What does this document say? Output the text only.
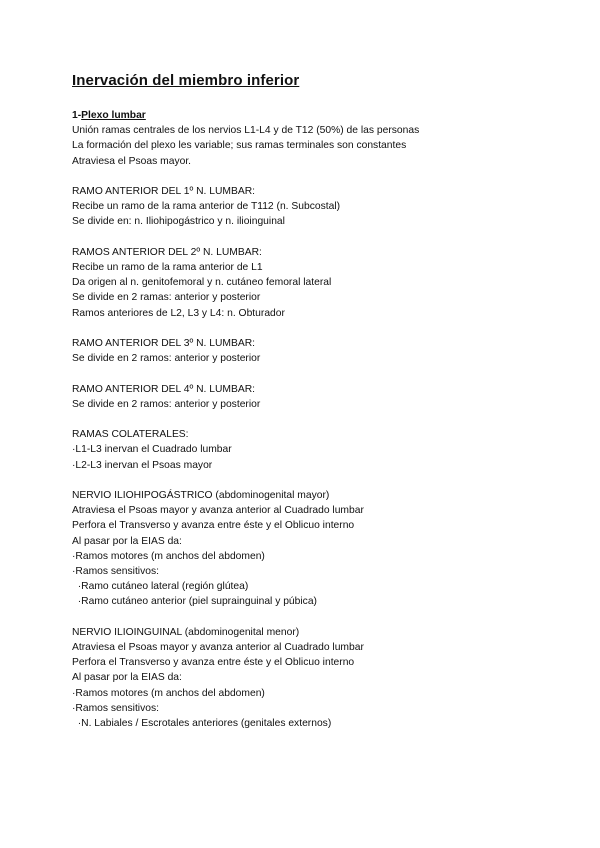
Inervación del miembro inferior
1-Plexo lumbar
Unión ramas centrales de los nervios L1-L4 y de T12 (50%) de las personas
La formación del plexo les variable; sus ramas terminales son constantes
Atraviesa el Psoas mayor.
RAMO ANTERIOR DEL 1º N. LUMBAR:
Recibe un ramo de la rama anterior de T112 (n. Subcostal)
Se divide en: n. Iliohipogástrico y n. ilioinguinal
RAMOS ANTERIOR DEL 2º N. LUMBAR:
Recibe un ramo de la rama anterior de L1
Da origen al n. genitofemoral y n. cutáneo femoral lateral
Se divide en 2 ramas: anterior y posterior
Ramos anteriores de L2, L3 y L4: n. Obturador
RAMO ANTERIOR DEL 3º N. LUMBAR:
Se divide en 2 ramos: anterior y posterior
RAMO ANTERIOR DEL 4º N. LUMBAR:
Se divide en 2 ramos: anterior y posterior
RAMAS COLATERALES:
·L1-L3 inervan el Cuadrado lumbar
·L2-L3 inervan el Psoas mayor
NERVIO ILIOHIPOGÁSTRICO (abdominogenital mayor)
Atraviesa el Psoas mayor y avanza anterior al Cuadrado lumbar
Perfora el Transverso y avanza entre éste y el Oblicuo interno
Al pasar por la EIAS da:
·Ramos motores (m anchos del abdomen)
·Ramos sensitivos:
·Ramo cutáneo lateral (región glútea)
·Ramo cutáneo anterior (piel suprainguinal y púbica)
NERVIO ILIOINGUINAL (abdominogenital menor)
Atraviesa el Psoas mayor y avanza anterior al Cuadrado lumbar
Perfora el Transverso y avanza entre éste y el Oblicuo interno
Al pasar por la EIAS da:
·Ramos motores (m anchos del abdomen)
·Ramos sensitivos:
·N. Labiales / Escrotales anteriores (genitales externos)
